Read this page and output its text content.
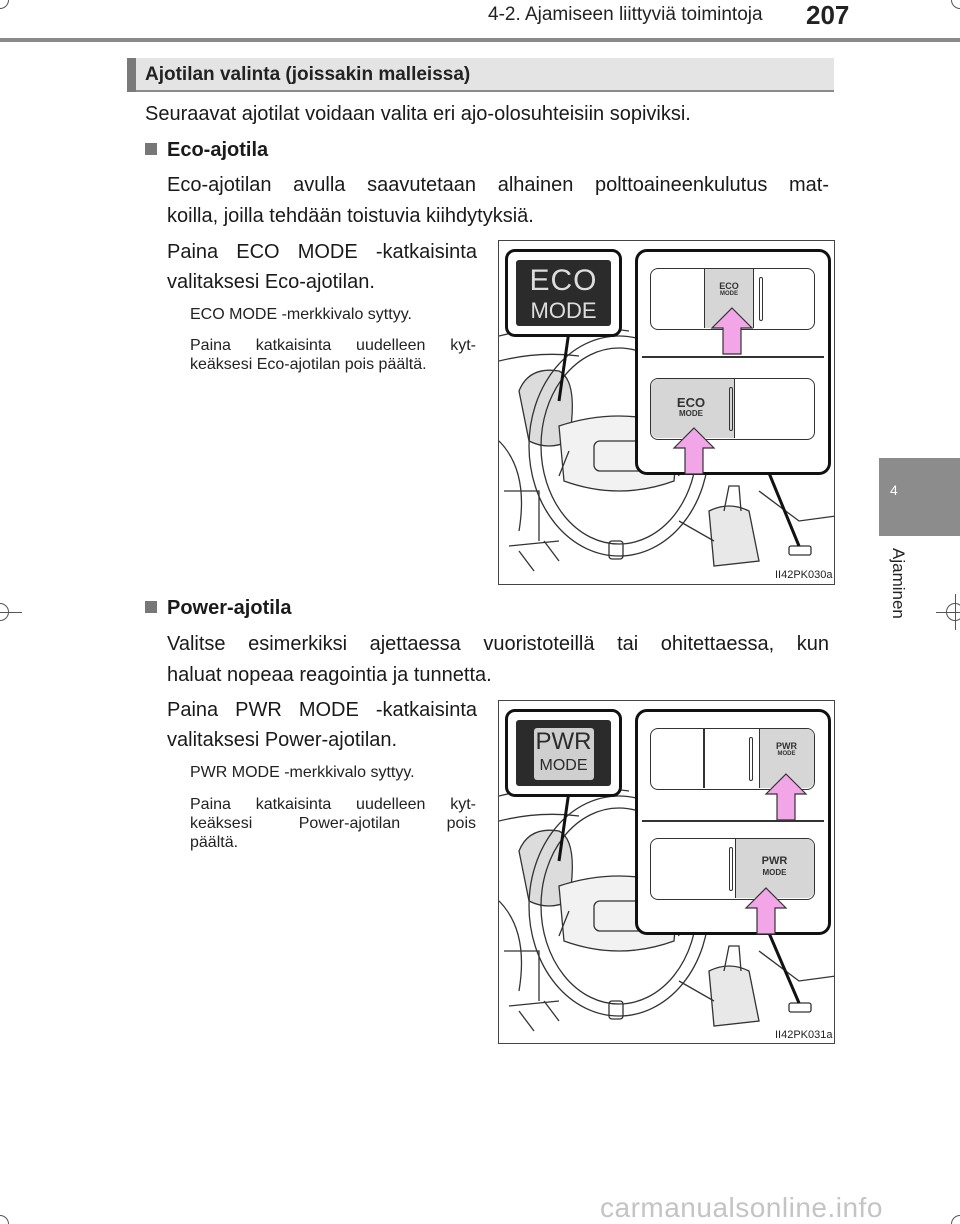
4-2. Ajamiseen liittyviä toimintoja 207
4
Ajaminen
Ajotilan valinta (joissakin malleissa)
Seuraavat ajotilat voidaan valita eri ajo-olosuhteisiin sopiviksi.
Eco-ajotila
Eco-ajotilan avulla saavutetaan alhainen polttoaineenkulutus mat-
koilla, joilla tehdään toistuvia kiihdytyksiä.
Paina ECO MODE -katkaisinta
valitaksesi Eco-ajotilan.
ECO MODE -merkkivalo syttyy.
Paina katkaisinta uudelleen kyt-
keäksesi Eco-ajotilan pois päältä.
ECO
MODE
ECO
MODE
ECO
MODE
II42PK030a
Power-ajotila
Valitse esimerkiksi ajettaessa vuoristoteillä tai ohitettaessa, kun
haluat nopeaa reagointia ja tunnetta.
Paina PWR MODE -katkaisinta
valitaksesi Power-ajotilan.
PWR MODE -merkkivalo syttyy.
Paina katkaisinta uudelleen kyt-
keäksesi Power-ajotilan pois
päältä.
PWR
MODE
PWR
MODE
PWR
MODE
II42PK031a
carmanualsonline.info
